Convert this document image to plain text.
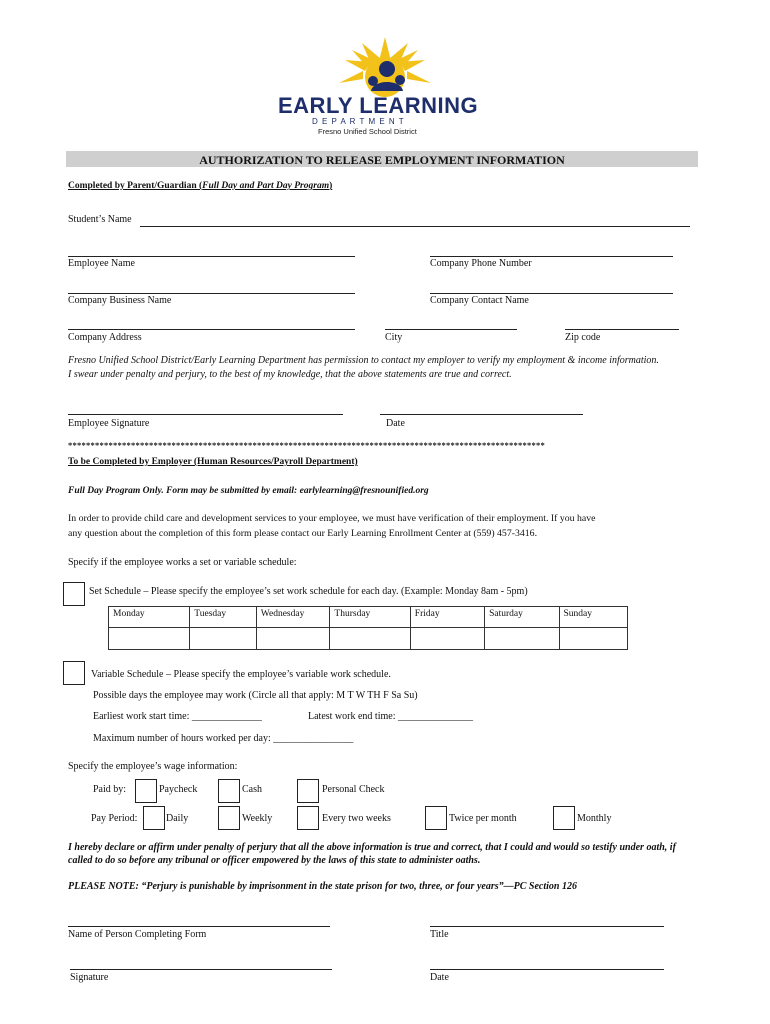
EARLY LEARNING
D E P A R T M E N T
Fresno Unified School District
AUTHORIZATION TO RELEASE EMPLOYMENT INFORMATION
Completed by Parent/Guardian (Full Day and Part Day Program)
Student’s Name
Employee Name	Company Phone Number
Company Business Name	Company Contact Name
Company Address	City	Zip code
Fresno Unified School District/Early Learning Department has permission to contact my employer to verify my employment & income information.
I swear under penalty and perjury, to the best of my knowledge, that the above statements are true and correct.
Employee Signature	Date
**********************************************************************************************************
To be Completed by Employer (Human Resources/Payroll Department)
Full Day Program Only. Form may be submitted by email: earlylearning@fresnounified.org
In order to provide child care and development services to your employee, we must have verification of their employment. If you have
any question about the completion of this form please contact our Early Learning Enrollment Center at (559) 457-3416.
Specify if the employee works a set or variable schedule:
Set Schedule – Please specify the employee’s set work schedule for each day. (Example: Monday 8am - 5pm)
Monday	Tuesday	Wednesday	Thursday	Friday	Saturday	Sunday

Variable Schedule – Please specify the employee’s variable work schedule.
Possible days the employee may work (Circle all that apply: M T W TH F Sa Su)
Earliest work start time: ______________	Latest work end time: _______________
Maximum number of hours worked per day: ________________
Specify the employee’s wage information:
Paid by:	Paycheck	Cash	Personal Check
Pay Period:	Daily	Weekly	Every two weeks	Twice per month	Monthly
I hereby declare or affirm under penalty of perjury that all the above information is true and correct, that I could and would so testify under oath, if
called to do so before any tribunal or officer empowered by the laws of this state to administer oaths.
PLEASE NOTE: “Perjury is punishable by imprisonment in the state prison for two, three, or four years”—PC Section 126
Name of Person Completing Form	Title
Signature	Date
